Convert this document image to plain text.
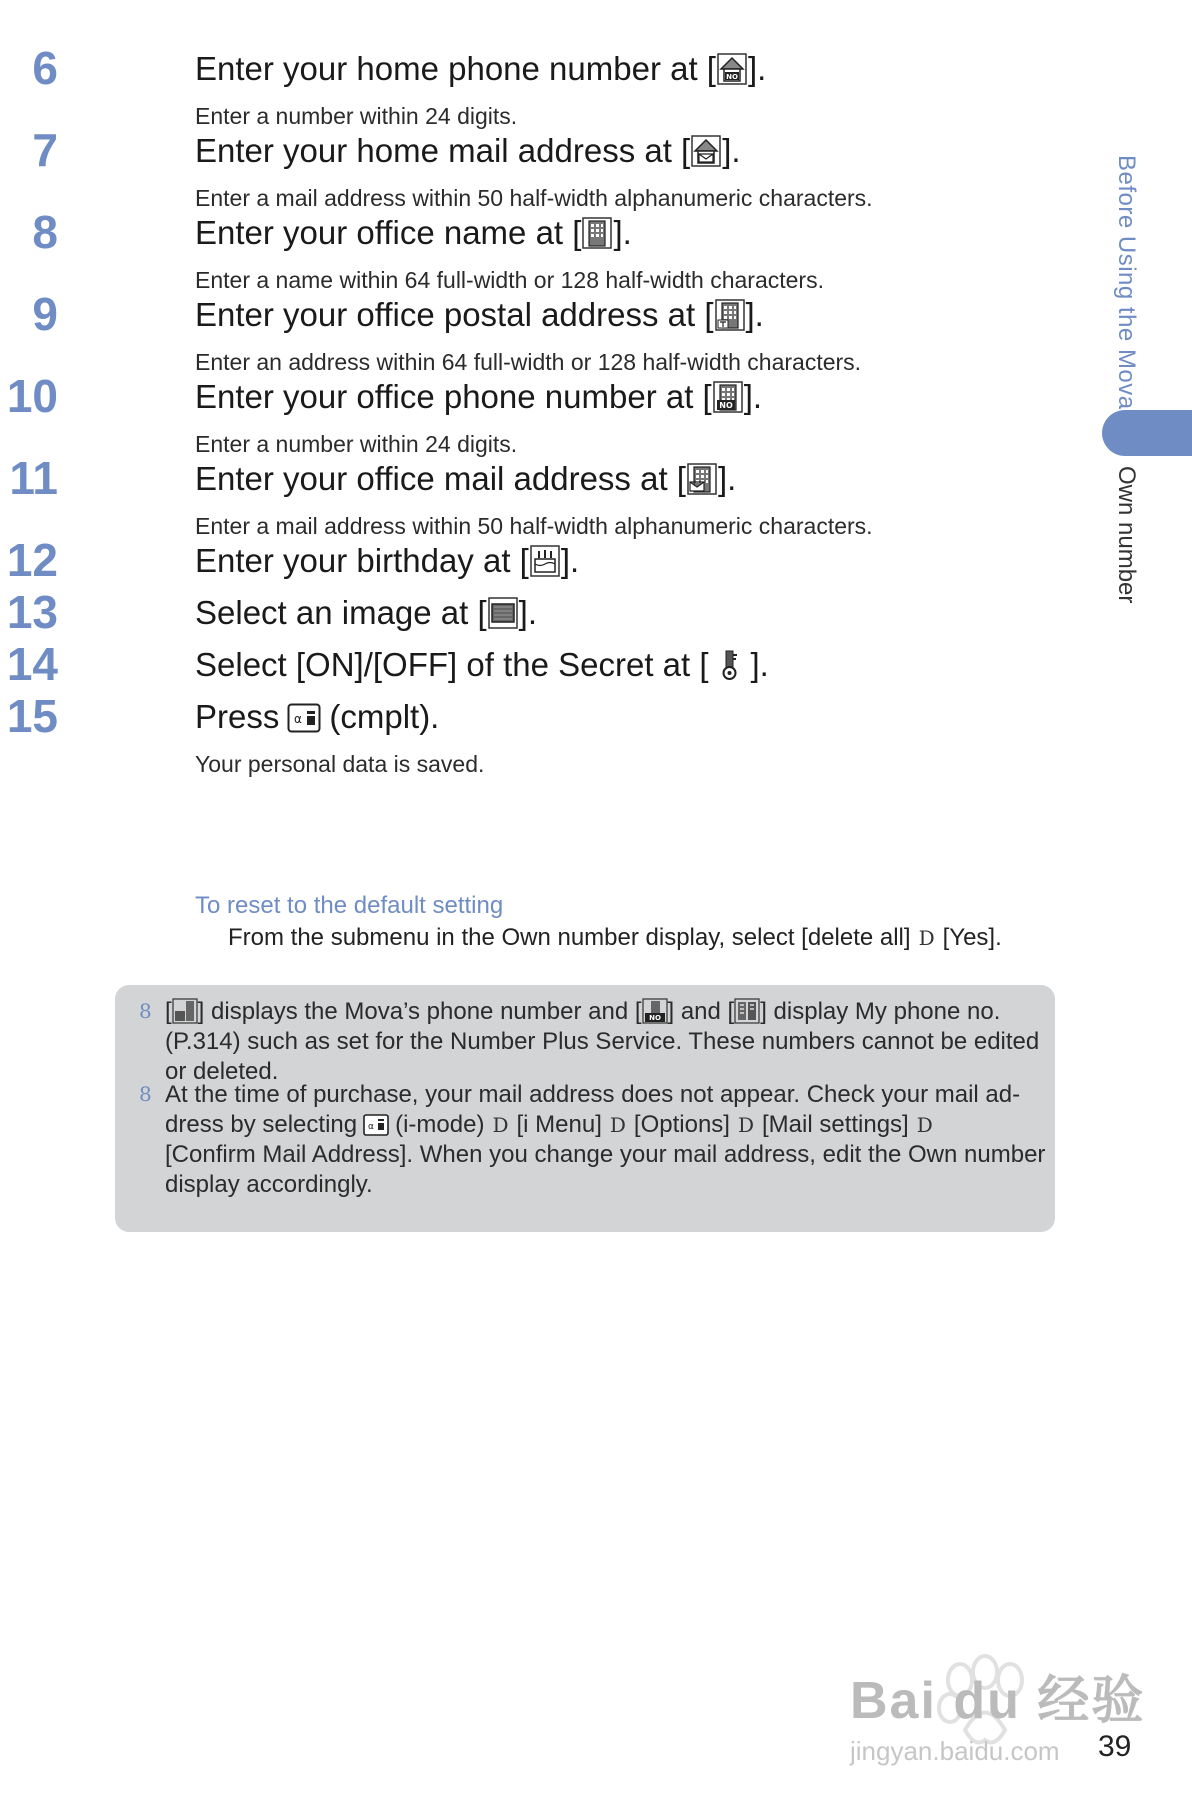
6	Enter your home phone number at [ NO ].
Enter a number within 24 digits.
7	Enter your home mail address at [ ].
Enter a mail address within 50 half-width alphanumeric characters.
8	Enter your office name at [ ].
Enter a name within 64 full-width or 128 half-width characters.
9	Enter your office postal address at [ ].
Enter an address within 64 full-width or 128 half-width characters.
10	Enter your office phone number at [ NO ].
Enter a number within 24 digits.
11	Enter your office mail address at [ ].
Enter a mail address within 50 half-width alphanumeric characters.
12	Enter your birthday at [ ].
13	Select an image at [ ].
14	Select [ON]/[OFF] of the Secret at [ ].
15	Press α (cmplt).
Your personal data is saved.
To reset to the default setting
From the submenu in the Own number display, select [delete all] D [Yes].
8 [ ] displays the Mova’s phone number and [ NO ] and [ ] display My phone no.
(P.314) such as set for the Number Plus Service. These numbers cannot be edited
or deleted.
8 At the time of purchase, your mail address does not appear. Check your mail ad-
dress by selecting α (i-mode) D [i Menu] D [Options] D [Mail settings] D
[Confirm Mail Address]. When you change your mail address, edit the Own number
display accordingly.
Before Using the Mova
Own number
Bai du 经验
jingyan.baidu.com 39
